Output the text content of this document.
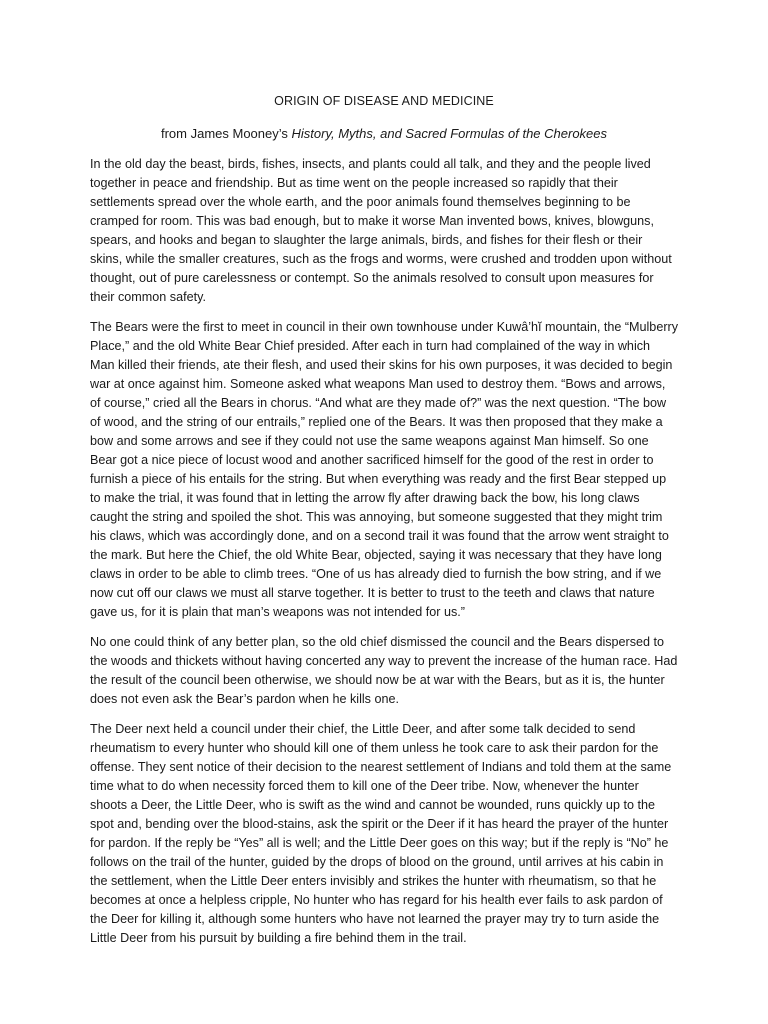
ORIGIN OF DISEASE AND MEDICINE
from James Mooney’s History, Myths, and Sacred Formulas of the Cherokees

In the old day the beast, birds, fishes, insects, and plants could all talk, and they and the people lived together in peace and friendship. But as time went on the people increased so rapidly that their settlements spread over the whole earth, and the poor animals found themselves beginning to be cramped for room. This was bad enough, but to make it worse Man invented bows, knives, blowguns, spears, and hooks and began to slaughter the large animals, birds, and fishes for their flesh or their skins, while the smaller creatures, such as the frogs and worms, were crushed and trodden upon without thought, out of pure carelessness or contempt. So the animals resolved to consult upon measures for their common safety.

The Bears were the first to meet in council in their own townhouse under Kuwâ’hĭ mountain, the “Mulberry Place,” and the old White Bear Chief presided. After each in turn had complained of the way in which Man killed their friends, ate their flesh, and used their skins for his own purposes, it was decided to begin war at once against him. Someone asked what weapons Man used to destroy them. “Bows and arrows, of course,” cried all the Bears in chorus. “And what are they made of?” was the next question. “The bow of wood, and the string of our entrails,” replied one of the Bears. It was then proposed that they make a bow and some arrows and see if they could not use the same weapons against Man himself. So one Bear got a nice piece of locust wood and another sacrificed himself for the good of the rest in order to furnish a piece of his entails for the string. But when everything was ready and the first Bear stepped up to make the trial, it was found that in letting the arrow fly after drawing back the bow, his long claws caught the string and spoiled the shot. This was annoying, but someone suggested that they might trim his claws, which was accordingly done, and on a second trail it was found that the arrow went straight to the mark. But here the Chief, the old White Bear, objected, saying it was necessary that they have long claws in order to be able to climb trees. “One of us has already died to furnish the bow string, and if we now cut off our claws we must all starve together. It is better to trust to the teeth and claws that nature gave us, for it is plain that man’s weapons was not intended for us.”

No one could think of any better plan, so the old chief dismissed the council and the Bears dispersed to the woods and thickets without having concerted any way to prevent the increase of the human race. Had the result of the council been otherwise, we should now be at war with the Bears, but as it is, the hunter does not even ask the Bear’s pardon when he kills one.

The Deer next held a council under their chief, the Little Deer, and after some talk decided to send rheumatism to every hunter who should kill one of them unless he took care to ask their pardon for the offense. They sent notice of their decision to the nearest settlement of Indians and told them at the same time what to do when necessity forced them to kill one of the Deer tribe. Now, whenever the hunter shoots a Deer, the Little Deer, who is swift as the wind and cannot be wounded, runs quickly up to the spot and, bending over the blood-stains, ask the spirit or the Deer if it has heard the prayer of the hunter for pardon. If the reply be “Yes” all is well; and the Little Deer goes on this way; but if the reply is “No” he follows on the trail of the hunter, guided by the drops of blood on the ground, until arrives at his cabin in the settlement, when the Little Deer enters invisibly and strikes the hunter with rheumatism, so that he becomes at once a helpless cripple, No hunter who has regard for his health ever fails to ask pardon of the Deer for killing it, although some hunters who have not learned the prayer may try to turn aside the Little Deer from his pursuit by building a fire behind them in the trail.
